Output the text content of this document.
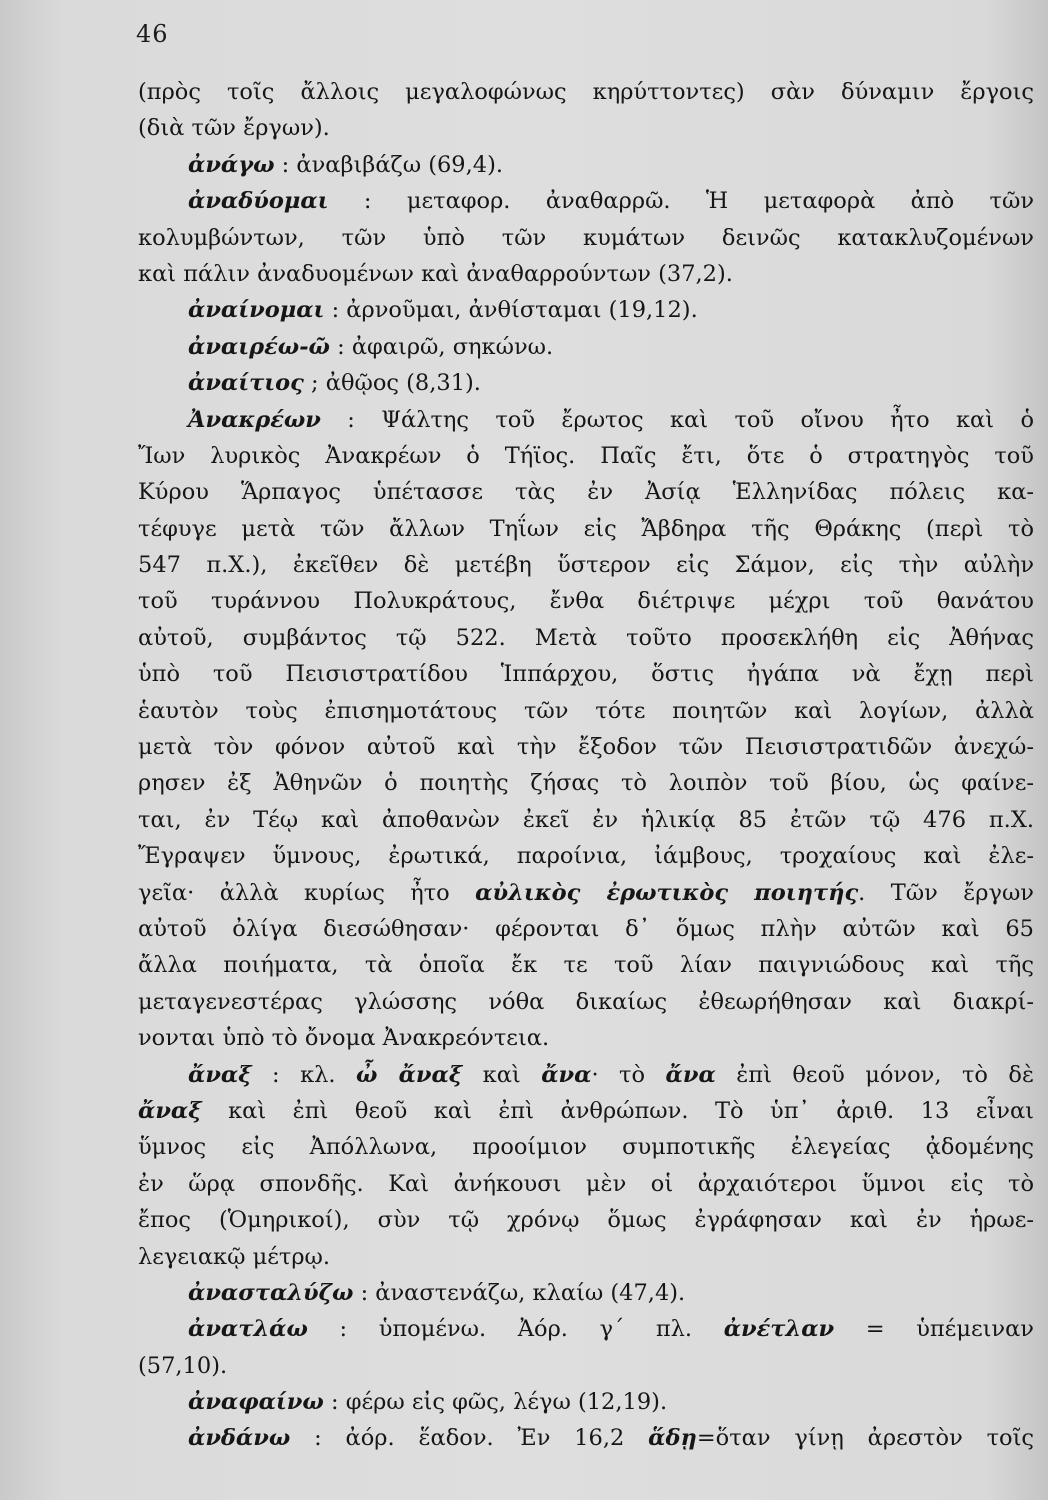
46
(πρὸς τοῖς ἄλλοις μεγαλοφώνως κηρύττοντες) σὰν δύναμιν ἔργοις
(διὰ τῶν ἔργων).
ἀνάγω : ἀναβιβάζω (69,4).
ἀναδύομαι : μεταφορ. ἀναθαρρῶ. Ἡ μεταφορὰ ἀπὸ τῶν
κολυμβώντων, τῶν ὑπὸ τῶν κυμάτων δεινῶς κατακλυζομένων
καὶ πάλιν ἀναδυομένων καὶ ἀναθαρρούντων (37,2).
ἀναίνομαι : ἀρνοῦμαι, ἀνθίσταμαι (19,12).
ἀναιρέω-ῶ : ἀφαιρῶ, σηκώνω.
ἀναίτιος ; ἀθῷος (8,31).
Ἀνακρέων : Ψάλτης τοῦ ἔρωτος καὶ τοῦ οἴνου ἦτο καὶ ὁ
Ἴων λυρικὸς Ἀνακρέων ὁ Τήϊος. Παῖς ἔτι, ὅτε ὁ στρατηγὸς τοῦ
Κύρου Ἅρπαγος ὑπέτασσε τὰς ἐν Ἀσίᾳ Ἑλληνίδας πόλεις κα-
τέφυγε μετὰ τῶν ἄλλων Τηΐων εἰς Ἄβδηρα τῆς Θράκης (περὶ τὸ
547 π.Χ.), ἐκεῖθεν δὲ μετέβη ὕστερον εἰς Σάμον, εἰς τὴν αὐλὴν
τοῦ τυράννου Πολυκράτους, ἔνθα διέτριψε μέχρι τοῦ θανάτου
αὐτοῦ, συμβάντος τῷ 522. Μετὰ τοῦτο προσεκλήθη εἰς Ἀθήνας
ὑπὸ τοῦ Πεισιστρατίδου Ἱππάρχου, ὅστις ἠγάπα νὰ ἔχῃ περὶ
ἑαυτὸν τοὺς ἐπισημοτάτους τῶν τότε ποιητῶν καὶ λογίων, ἀλλὰ
μετὰ τὸν φόνον αὐτοῦ καὶ τὴν ἔξοδον τῶν Πεισιστρατιδῶν ἀνεχώ-
ρησεν ἐξ Ἀθηνῶν ὁ ποιητὴς ζήσας τὸ λοιπὸν τοῦ βίου, ὡς φαίνε-
ται, ἐν Τέῳ καὶ ἀποθανὼν ἐκεῖ ἐν ἡλικίᾳ 85 ἐτῶν τῷ 476 π.Χ.
Ἔγραψεν ὕμνους, ἐρωτικά, παροίνια, ἰάμβους, τροχαίους καὶ ἐλε-
γεῖα· ἀλλὰ κυρίως ἦτο αὐλικὸς ἐρωτικὸς ποιητής. Τῶν ἔργων
αὐτοῦ ὀλίγα διεσώθησαν· φέρονται δ᾿ ὅμως πλὴν αὐτῶν καὶ 65
ἄλλα ποιήματα, τὰ ὁποῖα ἔκ τε τοῦ λίαν παιγνιώδους καὶ τῆς
μεταγενεστέρας γλώσσης νόθα δικαίως ἐθεωρήθησαν καὶ διακρί-
νονται ὑπὸ τὸ ὄνομα Ἀνακρεόντεια.
ἄναξ : κλ. ὦ ἄναξ καὶ ἄνα· τὸ ἄνα ἐπὶ θεοῦ μόνον, τὸ δὲ
ἄναξ καὶ ἐπὶ θεοῦ καὶ ἐπὶ ἀνθρώπων. Τὸ ὑπ᾿ ἀριθ. 13 εἶναι
ὕμνος εἰς Ἀπόλλωνα, προοίμιον συμποτικῆς ἐλεγείας ᾀδομένης
ἐν ὥρᾳ σπονδῆς. Καὶ ἀνήκουσι μὲν οἱ ἀρχαιότεροι ὕμνοι εἰς τὸ
ἔπος (Ὁμηρικοί), σὺν τῷ χρόνῳ ὅμως ἐγράφησαν καὶ ἐν ἡρωε-
λεγειακῷ μέτρῳ.
ἀνασταλύζω : ἀναστενάζω, κλαίω (47,4).
ἀνατλάω : ὑπομένω. Ἀόρ. γ΄ πλ. ἀνέτλαν = ὑπέμειναν
(57,10).
ἀναφαίνω : φέρω εἰς φῶς, λέγω (12,19).
ἀνδάνω : ἀόρ. ἕαδον. Ἐν 16,2 ἅδῃ=ὅταν γίνῃ ἀρεστὸν τοῖς
